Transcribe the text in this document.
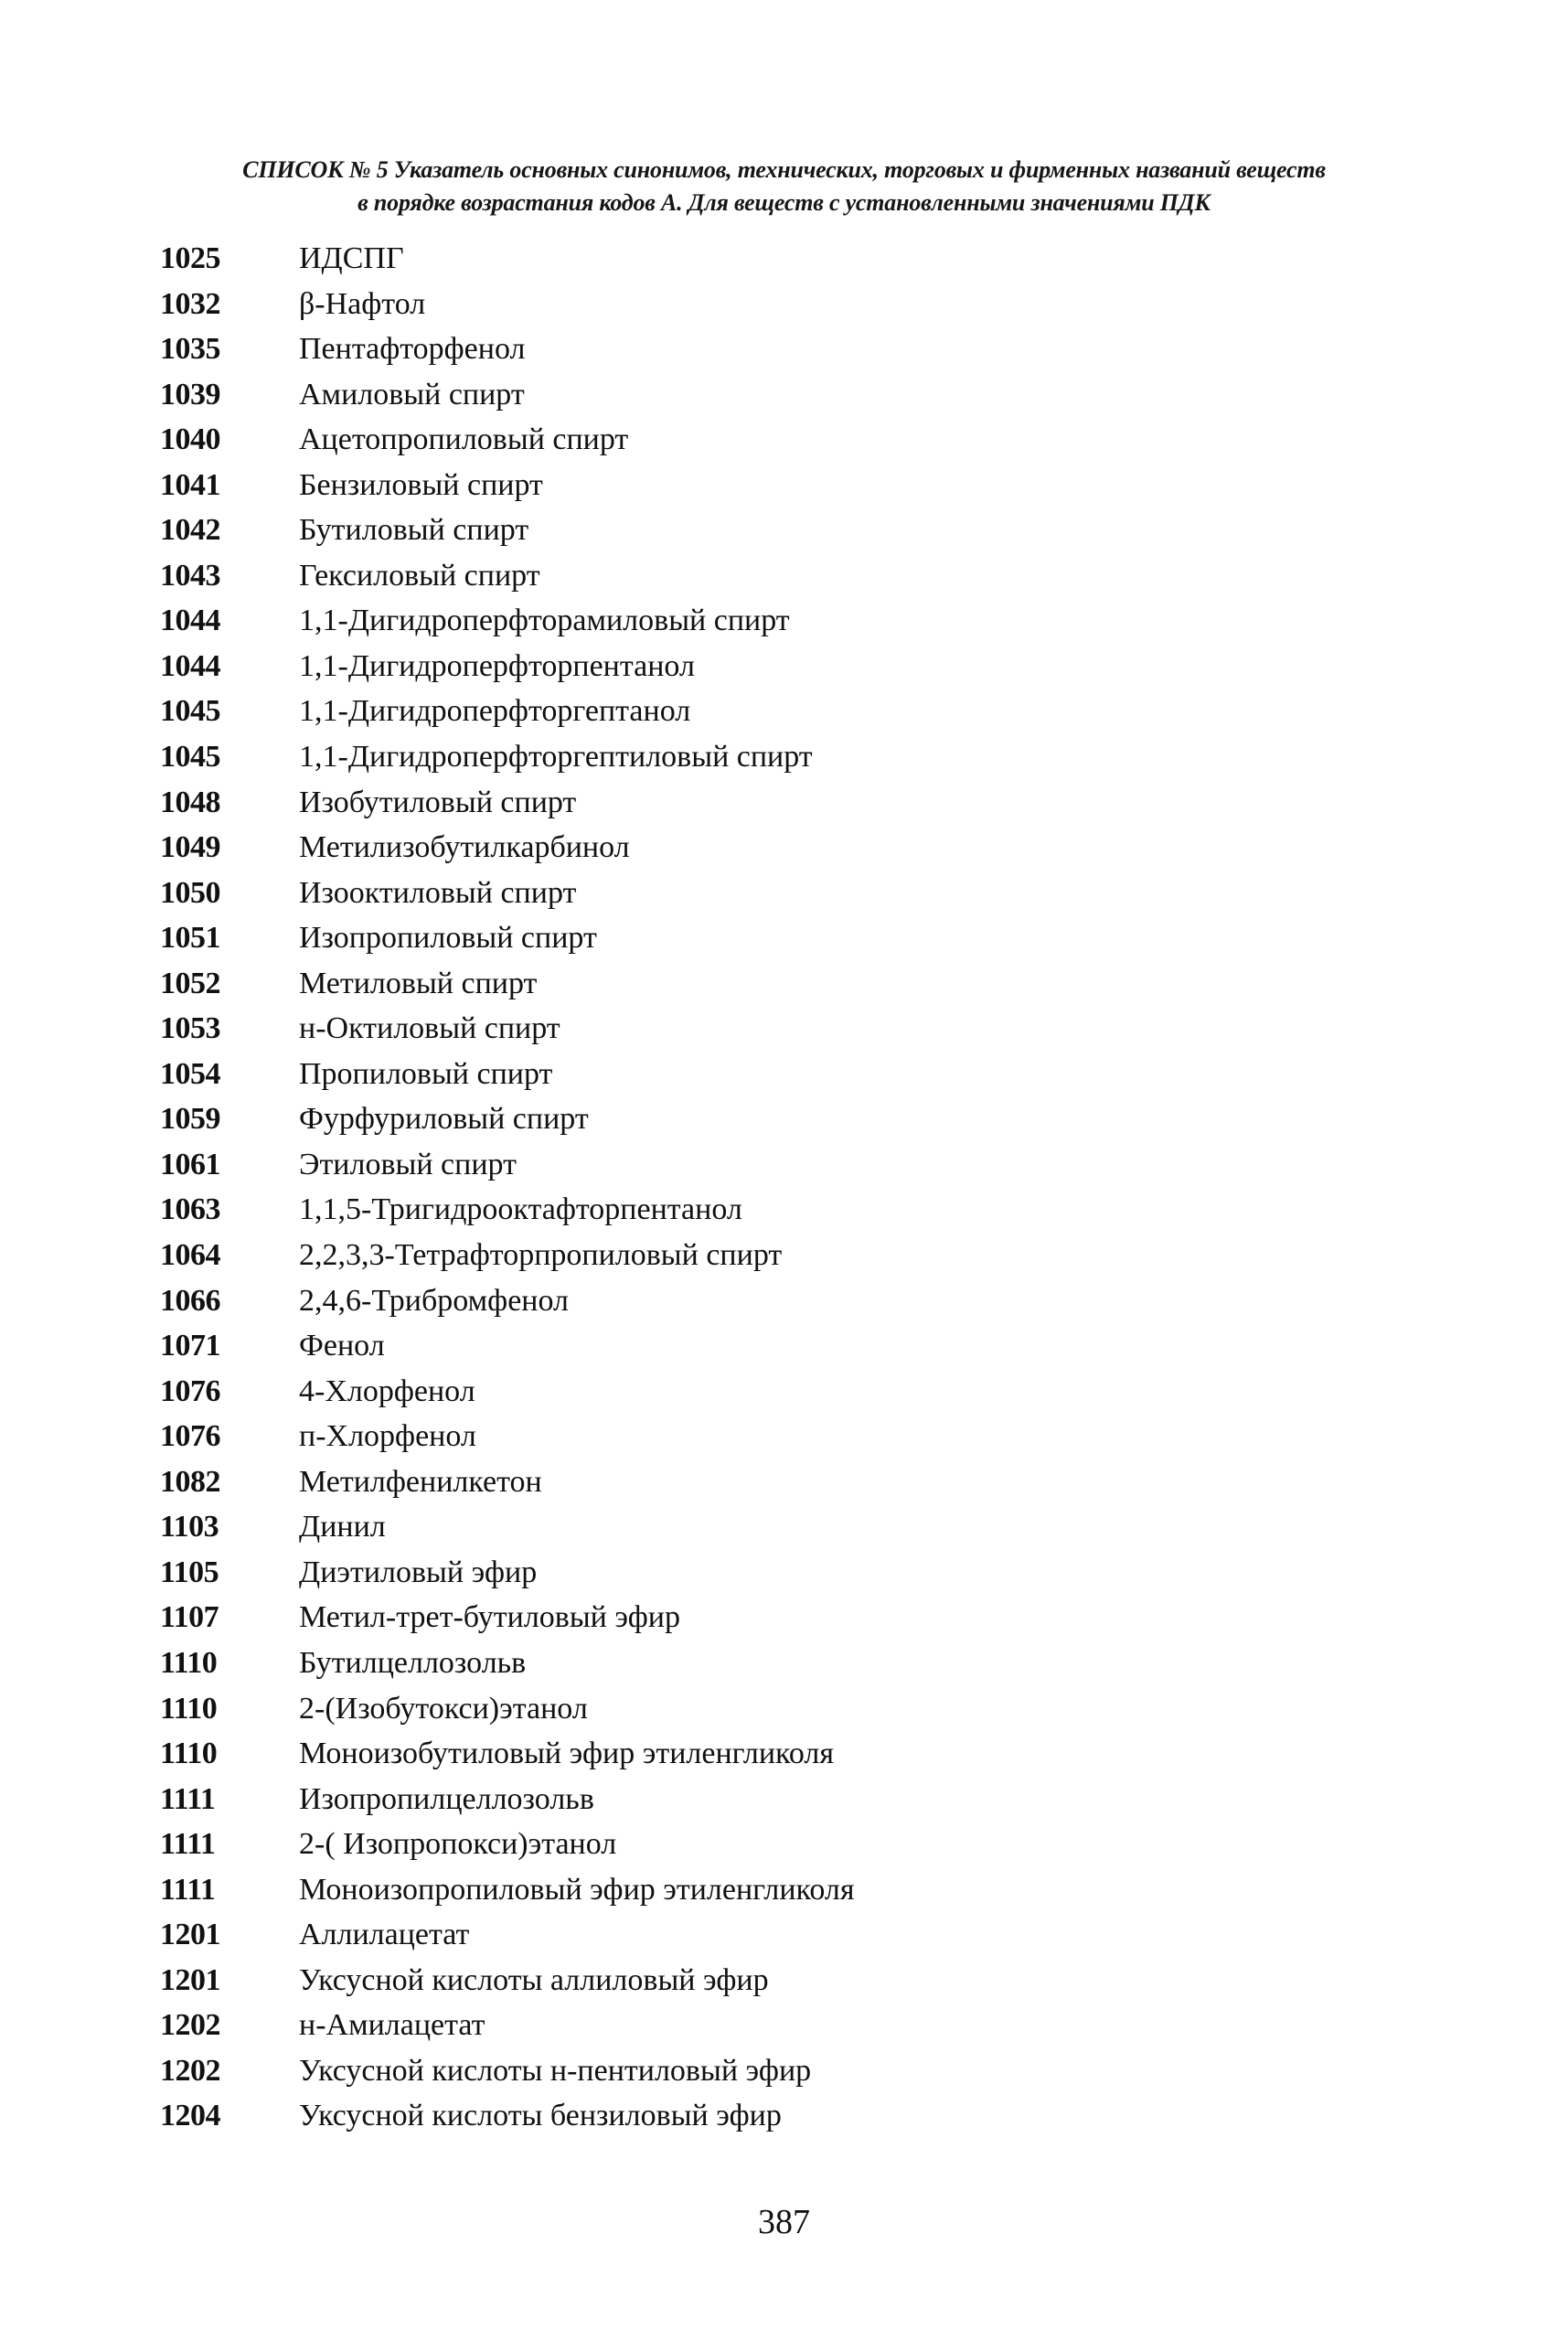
СПИСОК № 5 Указатель основных синонимов, технических, торговых и фирменных названий веществ
в порядке возрастания кодов А. Для веществ с установленными значениями ПДК
1025	ИДСПГ
1032	β-Нафтол
1035	Пентафторфенол
1039	Амиловый спирт
1040	Ацетопропиловый спирт
1041	Бензиловый спирт
1042	Бутиловый спирт
1043	Гексиловый спирт
1044	1,1-Дигидроперфторамиловый спирт
1044	1,1-Дигидроперфторпентанол
1045	1,1-Дигидроперфторгептанол
1045	1,1-Дигидроперфторгептиловый спирт
1048	Изобутиловый спирт
1049	Метилизобутилкарбинол
1050	Изооктиловый спирт
1051	Изопропиловый спирт
1052	Метиловый спирт
1053	н-Октиловый спирт
1054	Пропиловый спирт
1059	Фурфуриловый спирт
1061	Этиловый спирт
1063	1,1,5-Тригидрооктафторпентанол
1064	2,2,3,3-Тетрафторпропиловый спирт
1066	2,4,6-Трибромфенол
1071	Фенол
1076	4-Хлорфенол
1076	п-Хлорфенол
1082	Метилфенилкетон
1103	Динил
1105	Диэтиловый эфир
1107	Метил-трет-бутиловый эфир
1110	Бутилцеллозольв
1110	2-(Изобутокси)этанол
1110	Моноизобутиловый эфир этиленгликоля
1111	Изопропилцеллозольв
1111	2-( Изопропокси)этанол
1111	Моноизопропиловый эфир этиленгликоля
1201	Аллилацетат
1201	Уксусной кислоты аллиловый эфир
1202	н-Амилацетат
1202	Уксусной кислоты н-пентиловый эфир
1204	Уксусной кислоты бензиловый эфир
387
